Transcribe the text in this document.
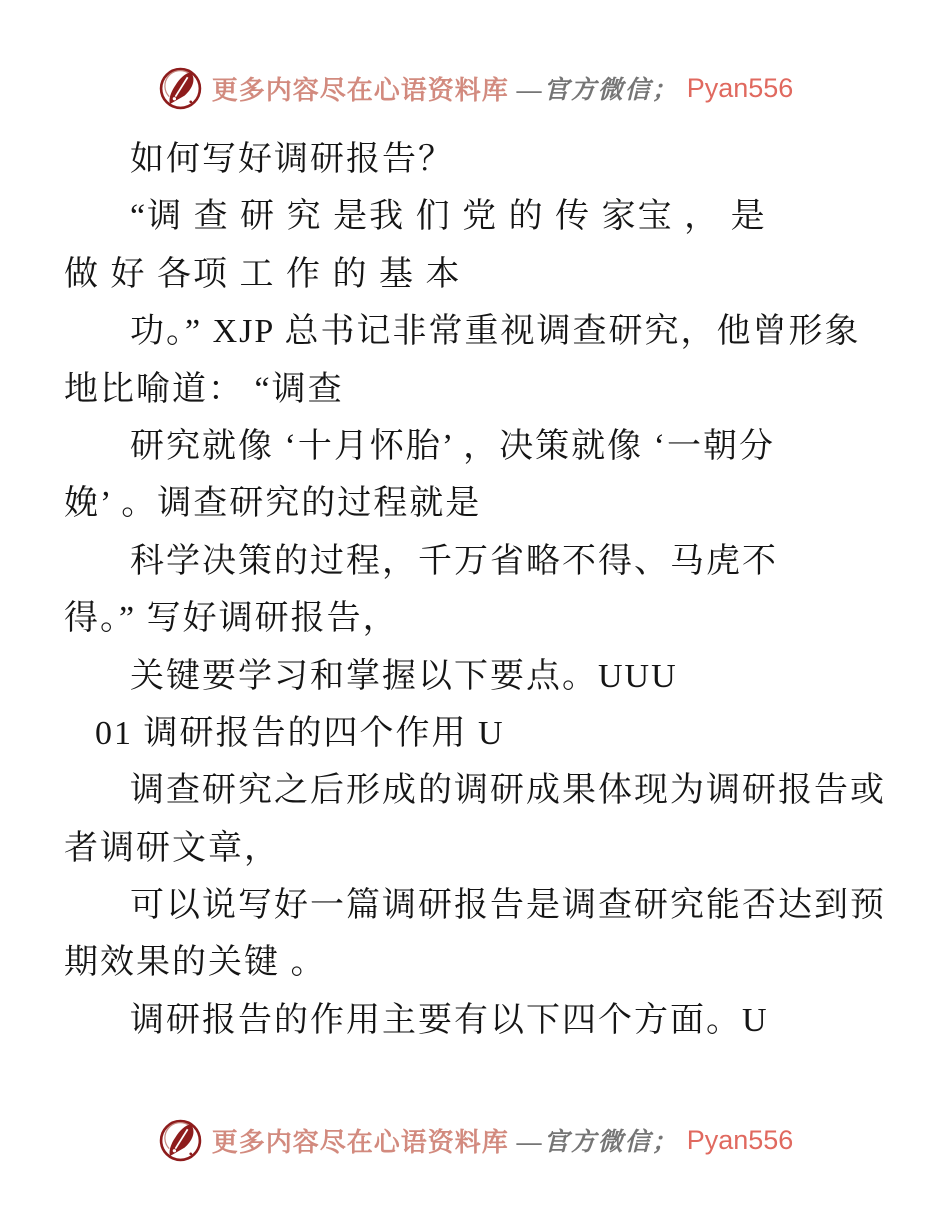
更多内容尽在心语资料库 —官方微信； Pyan556
如何写好调研报告？
“调 查 研 究 是我 们 党 的 传 家宝 ， 是
做 好 各项 工 作 的 基 本
功。” XJP 总书记非常重视调查研究，他曾形象
地比喻道： “调查
研究就像 ‘十月怀胎’ ，决策就像 ‘一朝分
娩’ 。调查研究的过程就是
科学决策的过程，千万省略不得、马虎不
得。” 写好调研报告，
关键要学习和掌握以下要点。UUU
01 调研报告的四个作用 U
调查研究之后形成的调研成果体现为调研报告或
者调研文章，
可以说写好一篇调研报告是调查研究能否达到预
期效果的关键 。
调研报告的作用主要有以下四个方面。U
更多内容尽在心语资料库 —官方微信； Pyan556
